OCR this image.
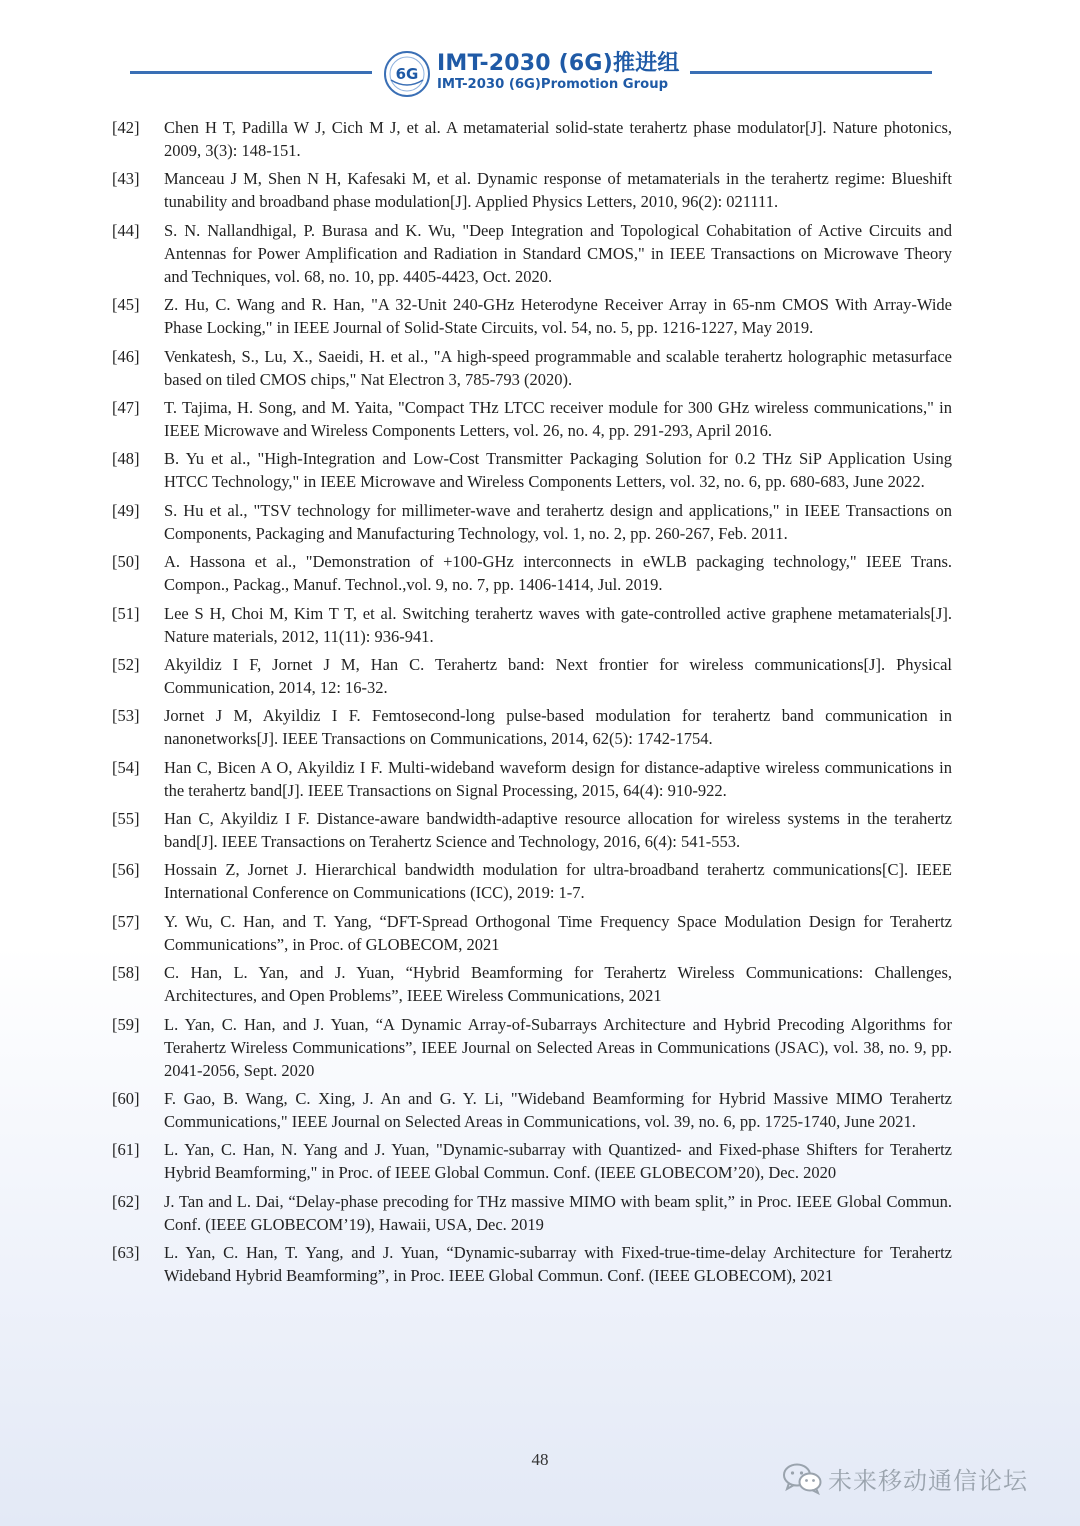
6G IMT-2030 (6G)推进组
IMT-2030 (6G)Promotion Group
[42]	Chen H T, Padilla W J, Cich M J, et al. A metamaterial solid-state terahertz phase modulator[J]. Nature photonics, 2009, 3(3): 148-151.
[43]	Manceau J M, Shen N H, Kafesaki M, et al. Dynamic response of metamaterials in the terahertz regime: Blueshift tunability and broadband phase modulation[J]. Applied Physics Letters, 2010, 96(2): 021111.
[44]	S. N. Nallandhigal, P. Burasa and K. Wu, "Deep Integration and Topological Cohabitation of Active Circuits and Antennas for Power Amplification and Radiation in Standard CMOS," in IEEE Transactions on Microwave Theory and Techniques, vol. 68, no. 10, pp. 4405-4423, Oct. 2020.
[45]	Z. Hu, C. Wang and R. Han, "A 32-Unit 240-GHz Heterodyne Receiver Array in 65-nm CMOS With Array-Wide Phase Locking," in IEEE Journal of Solid-State Circuits, vol. 54, no. 5, pp. 1216-1227, May 2019.
[46]	Venkatesh, S., Lu, X., Saeidi, H. et al., "A high-speed programmable and scalable terahertz holographic metasurface based on tiled CMOS chips," Nat Electron 3, 785-793 (2020).
[47]	T. Tajima, H. Song, and M. Yaita, "Compact THz LTCC receiver module for 300 GHz wireless communications," in IEEE Microwave and Wireless Components Letters, vol. 26, no. 4, pp. 291-293, April 2016.
[48]	B. Yu et al., "High-Integration and Low-Cost Transmitter Packaging Solution for 0.2 THz SiP Application Using HTCC Technology," in IEEE Microwave and Wireless Components Letters, vol. 32, no. 6, pp. 680-683, June 2022.
[49]	S. Hu et al., "TSV technology for millimeter-wave and terahertz design and applications," in IEEE Transactions on Components, Packaging and Manufacturing Technology, vol. 1, no. 2, pp. 260-267, Feb. 2011.
[50]	A. Hassona et al., "Demonstration of +100-GHz interconnects in eWLB packaging technology," IEEE Trans. Compon., Packag., Manuf. Technol.,vol. 9, no. 7, pp. 1406-1414, Jul. 2019.
[51]	Lee S H, Choi M, Kim T T, et al. Switching terahertz waves with gate-controlled active graphene metamaterials[J]. Nature materials, 2012, 11(11): 936-941.
[52]	Akyildiz I F, Jornet J M, Han C. Terahertz band: Next frontier for wireless communications[J]. Physical Communication, 2014, 12: 16-32.
[53]	Jornet J M, Akyildiz I F. Femtosecond-long pulse-based modulation for terahertz band communication in nanonetworks[J]. IEEE Transactions on Communications, 2014, 62(5): 1742-1754.
[54]	Han C, Bicen A O, Akyildiz I F. Multi-wideband waveform design for distance-adaptive wireless communications in the terahertz band[J]. IEEE Transactions on Signal Processing, 2015, 64(4): 910-922.
[55]	Han C, Akyildiz I F. Distance-aware bandwidth-adaptive resource allocation for wireless systems in the terahertz band[J]. IEEE Transactions on Terahertz Science and Technology, 2016, 6(4): 541-553.
[56]	Hossain Z, Jornet J. Hierarchical bandwidth modulation for ultra-broadband terahertz communications[C]. IEEE International Conference on Communications (ICC), 2019: 1-7.
[57]	Y. Wu, C. Han, and T. Yang, “DFT-Spread Orthogonal Time Frequency Space Modulation Design for Terahertz Communications”, in Proc. of GLOBECOM, 2021
[58]	C. Han, L. Yan, and J. Yuan, “Hybrid Beamforming for Terahertz Wireless Communications: Challenges, Architectures, and Open Problems”, IEEE Wireless Communications, 2021
[59]	L. Yan, C. Han, and J. Yuan, “A Dynamic Array-of-Subarrays Architecture and Hybrid Precoding Algorithms for Terahertz Wireless Communications”, IEEE Journal on Selected Areas in Communications (JSAC), vol. 38, no. 9, pp. 2041-2056, Sept. 2020
[60]	F. Gao, B. Wang, C. Xing, J. An and G. Y. Li, "Wideband Beamforming for Hybrid Massive MIMO Terahertz Communications," IEEE Journal on Selected Areas in Communications, vol. 39, no. 6, pp. 1725-1740, June 2021.
[61]	L. Yan, C. Han, N. Yang and J. Yuan, "Dynamic-subarray with Quantized- and Fixed-phase Shifters for Terahertz Hybrid Beamforming," in Proc. of IEEE Global Commun. Conf. (IEEE GLOBECOM’20), Dec. 2020
[62]	J. Tan and L. Dai, “Delay-phase precoding for THz massive MIMO with beam split,” in Proc. IEEE Global Commun. Conf. (IEEE GLOBECOM’19), Hawaii, USA, Dec. 2019
[63]	L. Yan, C. Han, T. Yang, and J. Yuan, “Dynamic-subarray with Fixed-true-time-delay Architecture for Terahertz Wideband Hybrid Beamforming”, in Proc. IEEE Global Commun. Conf. (IEEE GLOBECOM), 2021
48
未来移动通信论坛
